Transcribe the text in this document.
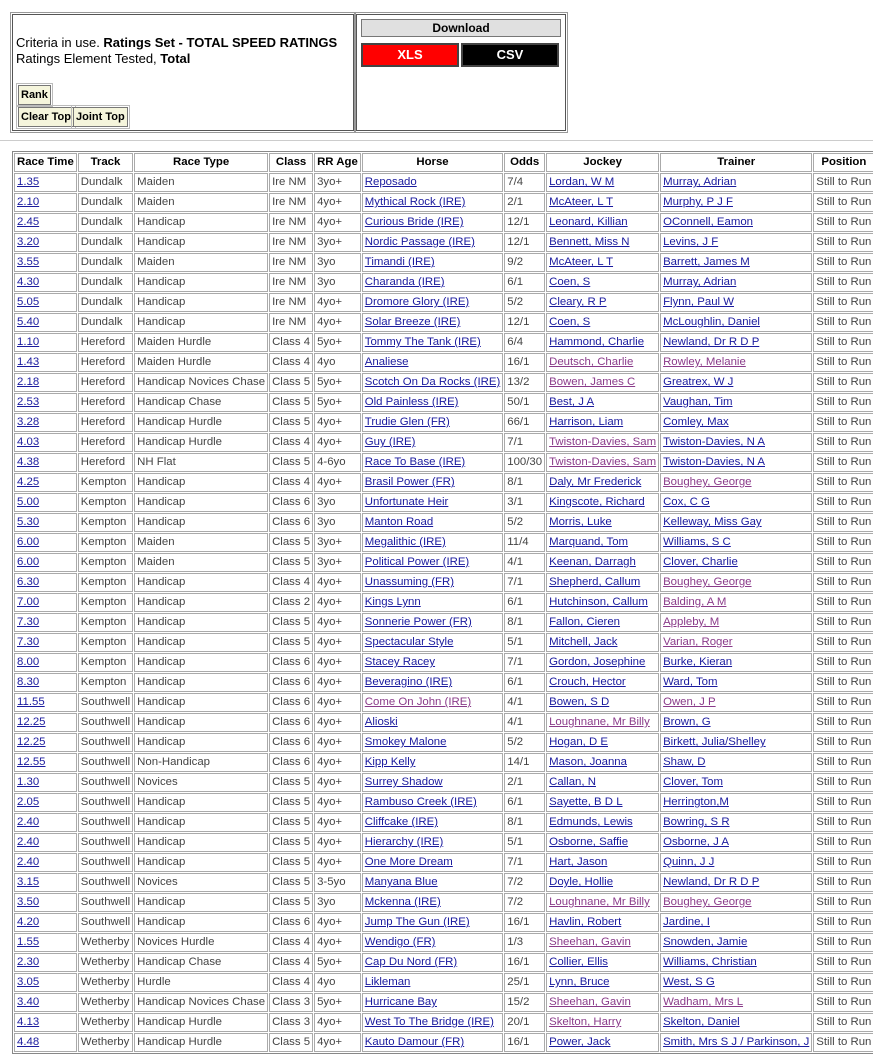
Criteria in use. Ratings Set - TOTAL SPEED RATINGS
Ratings Element Tested, Total
Rank
Clear Top Joint Top
Download
XLS	CSV
Race Time	Track	Race Type	Class	RR Age	Horse	Odds	Jockey	Trainer	Position
1.35	Dundalk	Maiden	Ire NM	3yo+	Reposado	7/4	Lordan, W M	Murray, Adrian	Still to Run
2.10	Dundalk	Maiden	Ire NM	4yo+	Mythical Rock (IRE)	2/1	McAteer, L T	Murphy, P J F	Still to Run
2.45	Dundalk	Handicap	Ire NM	4yo+	Curious Bride (IRE)	12/1	Leonard, Killian	OConnell, Eamon	Still to Run
3.20	Dundalk	Handicap	Ire NM	3yo+	Nordic Passage (IRE)	12/1	Bennett, Miss N	Levins, J F	Still to Run
3.55	Dundalk	Maiden	Ire NM	3yo	Timandi (IRE)	9/2	McAteer, L T	Barrett, James M	Still to Run
4.30	Dundalk	Handicap	Ire NM	3yo	Charanda (IRE)	6/1	Coen, S	Murray, Adrian	Still to Run
5.05	Dundalk	Handicap	Ire NM	4yo+	Dromore Glory (IRE)	5/2	Cleary, R P	Flynn, Paul W	Still to Run
5.40	Dundalk	Handicap	Ire NM	4yo+	Solar Breeze (IRE)	12/1	Coen, S	McLoughlin, Daniel	Still to Run
1.10	Hereford	Maiden Hurdle	Class 4	5yo+	Tommy The Tank (IRE)	6/4	Hammond, Charlie	Newland, Dr R D P	Still to Run
1.43	Hereford	Maiden Hurdle	Class 4	4yo	Analiese	16/1	Deutsch, Charlie	Rowley, Melanie	Still to Run
2.18	Hereford	Handicap Novices Chase	Class 5	5yo+	Scotch On Da Rocks (IRE)	13/2	Bowen, James C	Greatrex, W J	Still to Run
2.53	Hereford	Handicap Chase	Class 5	5yo+	Old Painless (IRE)	50/1	Best, J A	Vaughan, Tim	Still to Run
3.28	Hereford	Handicap Hurdle	Class 5	4yo+	Trudie Glen (FR)	66/1	Harrison, Liam	Comley, Max	Still to Run
4.03	Hereford	Handicap Hurdle	Class 4	4yo+	Guy (IRE)	7/1	Twiston-Davies, Sam	Twiston-Davies, N A	Still to Run
4.38	Hereford	NH Flat	Class 5	4-6yo	Race To Base (IRE)	100/30	Twiston-Davies, Sam	Twiston-Davies, N A	Still to Run
4.25	Kempton	Handicap	Class 4	4yo+	Brasil Power (FR)	8/1	Daly, Mr Frederick	Boughey, George	Still to Run
5.00	Kempton	Handicap	Class 6	3yo	Unfortunate Heir	3/1	Kingscote, Richard	Cox, C G	Still to Run
5.30	Kempton	Handicap	Class 6	3yo	Manton Road	5/2	Morris, Luke	Kelleway, Miss Gay	Still to Run
6.00	Kempton	Maiden	Class 5	3yo+	Megalithic (IRE)	11/4	Marquand, Tom	Williams, S C	Still to Run
6.00	Kempton	Maiden	Class 5	3yo+	Political Power (IRE)	4/1	Keenan, Darragh	Clover, Charlie	Still to Run
6.30	Kempton	Handicap	Class 4	4yo+	Unassuming (FR)	7/1	Shepherd, Callum	Boughey, George	Still to Run
7.00	Kempton	Handicap	Class 2	4yo+	Kings Lynn	6/1	Hutchinson, Callum	Balding, A M	Still to Run
7.30	Kempton	Handicap	Class 5	4yo+	Sonnerie Power (FR)	8/1	Fallon, Cieren	Appleby, M	Still to Run
7.30	Kempton	Handicap	Class 5	4yo+	Spectacular Style	5/1	Mitchell, Jack	Varian, Roger	Still to Run
8.00	Kempton	Handicap	Class 6	4yo+	Stacey Racey	7/1	Gordon, Josephine	Burke, Kieran	Still to Run
8.30	Kempton	Handicap	Class 6	4yo+	Beveragino (IRE)	6/1	Crouch, Hector	Ward, Tom	Still to Run
11.55	Southwell	Handicap	Class 6	4yo+	Come On John (IRE)	4/1	Bowen, S D	Owen, J P	Still to Run
12.25	Southwell	Handicap	Class 6	4yo+	Alioski	4/1	Loughnane, Mr Billy	Brown, G	Still to Run
12.25	Southwell	Handicap	Class 6	4yo+	Smokey Malone	5/2	Hogan, D E	Birkett, Julia/Shelley	Still to Run
12.55	Southwell	Non-Handicap	Class 6	4yo+	Kipp Kelly	14/1	Mason, Joanna	Shaw, D	Still to Run
1.30	Southwell	Novices	Class 5	4yo+	Surrey Shadow	2/1	Callan, N	Clover, Tom	Still to Run
2.05	Southwell	Handicap	Class 5	4yo+	Rambuso Creek (IRE)	6/1	Sayette, B D L	Herrington,M	Still to Run
2.40	Southwell	Handicap	Class 5	4yo+	Cliffcake (IRE)	8/1	Edmunds, Lewis	Bowring, S R	Still to Run
2.40	Southwell	Handicap	Class 5	4yo+	Hierarchy (IRE)	5/1	Osborne, Saffie	Osborne, J A	Still to Run
2.40	Southwell	Handicap	Class 5	4yo+	One More Dream	7/1	Hart, Jason	Quinn, J J	Still to Run
3.15	Southwell	Novices	Class 5	3-5yo	Manyana Blue	7/2	Doyle, Hollie	Newland, Dr R D P	Still to Run
3.50	Southwell	Handicap	Class 5	3yo	Mckenna (IRE)	7/2	Loughnane, Mr Billy	Boughey, George	Still to Run
4.20	Southwell	Handicap	Class 6	4yo+	Jump The Gun (IRE)	16/1	Havlin, Robert	Jardine, I	Still to Run
1.55	Wetherby	Novices Hurdle	Class 4	4yo+	Wendigo (FR)	1/3	Sheehan, Gavin	Snowden, Jamie	Still to Run
2.30	Wetherby	Handicap Chase	Class 4	5yo+	Cap Du Nord (FR)	16/1	Collier, Ellis	Williams, Christian	Still to Run
3.05	Wetherby	Hurdle	Class 4	4yo	Likleman	25/1	Lynn, Bruce	West, S G	Still to Run
3.40	Wetherby	Handicap Novices Chase	Class 3	5yo+	Hurricane Bay	15/2	Sheehan, Gavin	Wadham, Mrs L	Still to Run
4.13	Wetherby	Handicap Hurdle	Class 3	4yo+	West To The Bridge (IRE)	20/1	Skelton, Harry	Skelton, Daniel	Still to Run
4.48	Wetherby	Handicap Hurdle	Class 5	4yo+	Kauto Damour (FR)	16/1	Power, Jack	Smith, Mrs S J / Parkinson, J	Still to Run
